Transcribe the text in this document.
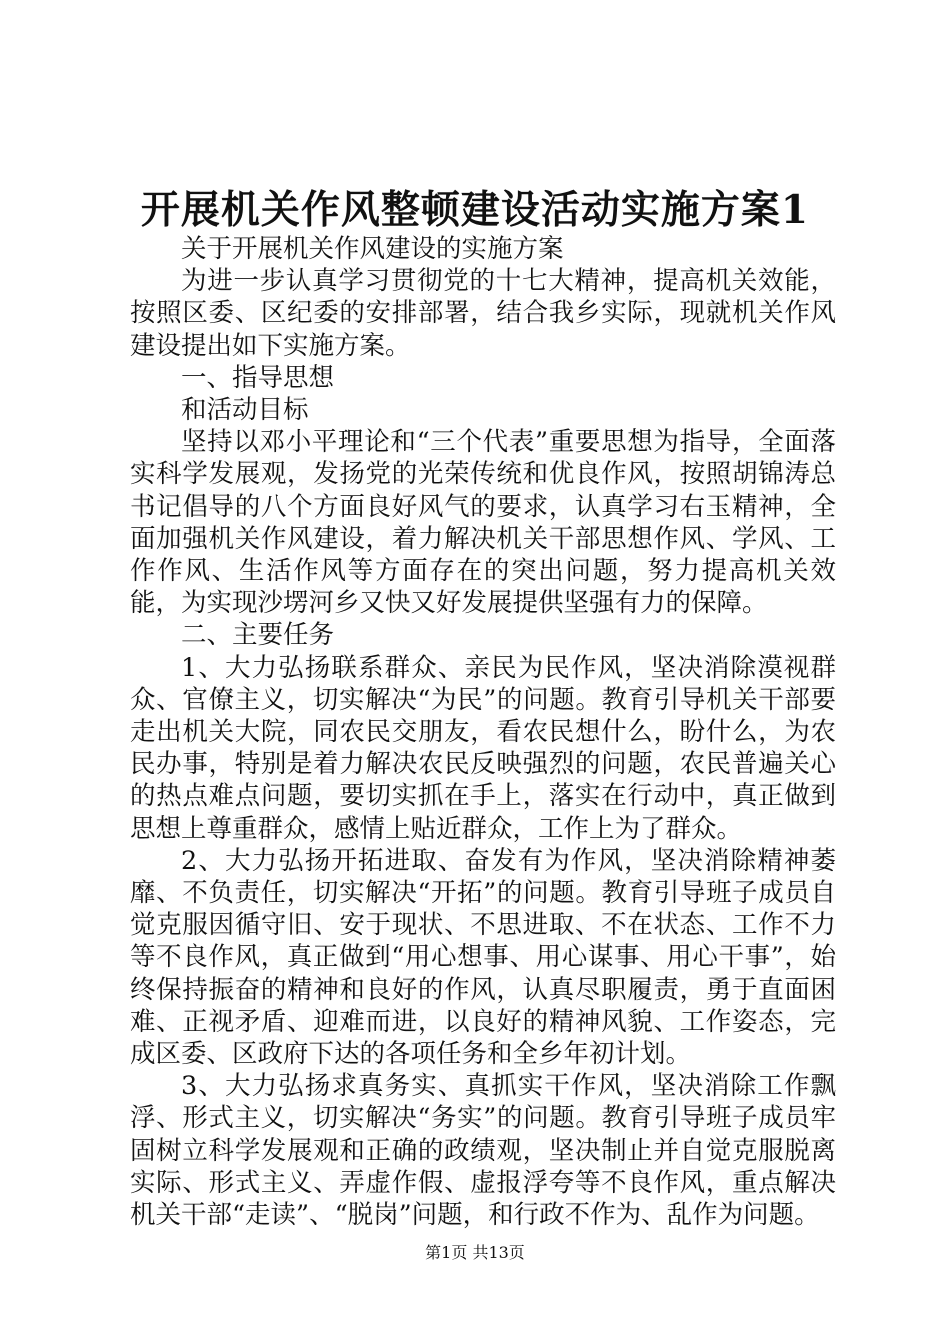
开展机关作风整顿建设活动实施方案1

关于开展机关作风建设的实施方案

为进一步认真学习贯彻党的十七大精神，提高机关效能，按照区委、区纪委的安排部署，结合我乡实际，现就机关作风建设提出如下实施方案。

一、指导思想

和活动目标

坚持以邓小平理论和“三个代表”重要思想为指导，全面落实科学发展观，发扬党的光荣传统和优良作风，按照胡锦涛总书记倡导的八个方面良好风气的要求，认真学习右玉精神，全面加强机关作风建设，着力解决机关干部思想作风、学风、工作作风、生活作风等方面存在的突出问题，努力提高机关效能，为实现沙塄河乡又快又好发展提供坚强有力的保障。

二、主要任务

1、大力弘扬联系群众、亲民为民作风，坚决消除漠视群众、官僚主义，切实解决“为民”的问题。教育引导机关干部要走出机关大院，同农民交朋友，看农民想什么，盼什么，为农民办事，特别是着力解决农民反映强烈的问题，农民普遍关心的热点难点问题，要切实抓在手上，落实在行动中，真正做到思想上尊重群众，感情上贴近群众，工作上为了群众。

2、大力弘扬开拓进取、奋发有为作风，坚决消除精神萎靡、不负责任，切实解决“开拓”的问题。教育引导班子成员自觉克服因循守旧、安于现状、不思进取、不在状态、工作不力等不良作风，真正做到“用心想事、用心谋事、用心干事”，始终保持振奋的精神和良好的作风，认真尽职履责，勇于直面困难、正视矛盾、迎难而进，以良好的精神风貌、工作姿态，完成区委、区政府下达的各项任务和全乡年初计划。

3、大力弘扬求真务实、真抓实干作风，坚决消除工作飘浮、形式主义，切实解决“务实”的问题。教育引导班子成员牢固树立科学发展观和正确的政绩观，坚决制止并自觉克服脱离实际、形式主义、弄虚作假、虚报浮夸等不良作风，重点解决机关干部“走读”、“脱岗”问题，和行政不作为、乱作为问题。

第1页 共13页
